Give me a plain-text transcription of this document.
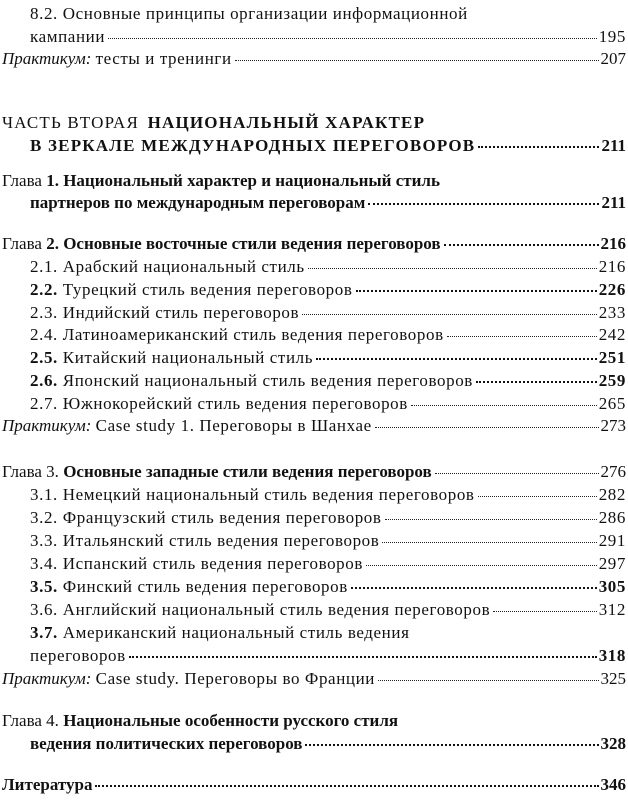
8.2. Основные принципы организации информационной
кампании	195
Практикум: тесты и тренинги	207
ЧАСТЬ ВТОРАЯ НАЦИОНАЛЬНЫЙ ХАРАКТЕР
В ЗЕРКАЛЕ МЕЖДУНАРОДНЫХ ПЕРЕГОВОРОВ	211
Глава 1. Национальный характер и национальный стиль
партнеров по международным переговорам	211
Глава 2. Основные восточные стили ведения переговоров	216
2.1. Арабский национальный стиль	216
2.2. Турецкий стиль ведения переговоров	226
2.3. Индийский стиль переговоров	233
2.4. Латиноамериканский стиль ведения переговоров	242
2.5. Китайский национальный стиль	251
2.6. Японский национальный стиль ведения переговоров	259
2.7. Южнокорейский стиль ведения переговоров	265
Практикум: Case study 1. Переговоры в Шанхае	273
Глава 3. Основные западные стили ведения переговоров	276
3.1. Немецкий национальный стиль ведения переговоров	282
3.2. Французский стиль ведения переговоров	286
3.3. Итальянский стиль ведения переговоров	291
3.4. Испанский стиль ведения переговоров	297
3.5. Финский стиль ведения переговоров	305
3.6. Английский национальный стиль ведения переговоров	312
3.7. Американский национальный стиль ведения
переговоров	318
Практикум: Case study. Переговоры во Франции	325
Глава 4. Национальные особенности русского стиля
ведения политических переговоров	328
Литература	346
